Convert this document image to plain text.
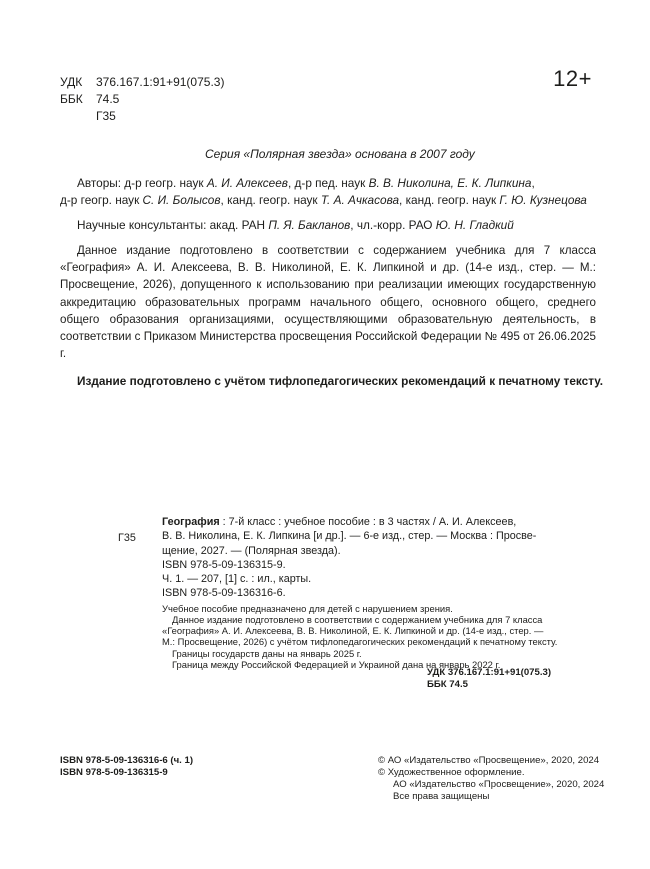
УДК 376.167.1:91+91(075.3)
ББК 74.5
Г35
12+
Серия «Полярная звезда» основана в 2007 году
Авторы: д-р геогр. наук А. И. Алексеев, д-р пед. наук В. В. Николина, Е. К. Липкина,
д-р геогр. наук С. И. Болысов, канд. геогр. наук Т. А. Ачкасова, канд. геогр. наук Г. Ю. Кузнецова
Научные консультанты: акад. РАН П. Я. Бакланов, чл.-корр. РАО Ю. Н. Гладкий
Данное издание подготовлено в соответствии с содержанием учебника для 7 класса «География» А. И. Алексеева, В. В. Николиной, Е. К. Липкиной и др. (14-е изд., стер. — М.: Просвещение, 2026), допущенного к использованию при реализации имеющих государственную аккредитацию образовательных программ начального общего, основного общего, среднего общего образования организациями, осуществляющими образовательную деятельность, в соответствии с Приказом Министерства просвещения Российской Федерации № 495 от 26.06.2025 г.
Издание подготовлено с учётом тифлопедагогических рекомендаций к печатному тексту.
Г35
География : 7-й класс : учебное пособие : в 3 частях / А. И. Алексеев,
В. В. Николина, Е. К. Липкина [и др.]. — 6-е изд., стер. — Москва : Просве-
щение, 2027. — (Полярная звезда).
ISBN 978-5-09-136315-9.
Ч. 1. — 207, [1] с. : ил., карты.
ISBN 978-5-09-136316-6.
Учебное пособие предназначено для детей с нарушением зрения.
Данное издание подготовлено в соответствии с содержанием учебника для 7 класса
«География» А. И. Алексеева, В. В. Николиной, Е. К. Липкиной и др. (14-е изд., стер. —
М.: Просвещение, 2026) с учётом тифлопедагогических рекомендаций к печатному тексту.
Границы государств даны на январь 2025 г.
Граница между Российской Федерацией и Украиной дана на январь 2022 г.
УДК 376.167.1:91+91(075.3)
ББК 74.5
ISBN 978-5-09-136316-6 (ч. 1)
ISBN 978-5-09-136315-9
© АО «Издательство «Просвещение», 2020, 2024
© Художественное оформление.
АО «Издательство «Просвещение», 2020, 2024
Все права защищены
